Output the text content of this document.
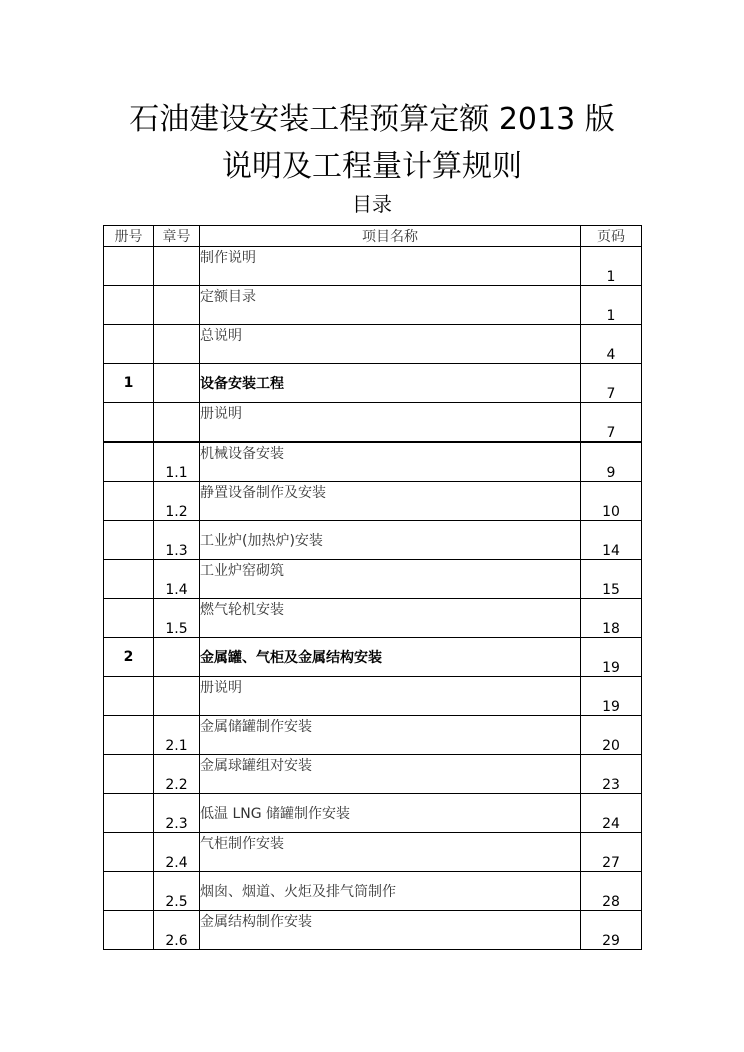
石油建设安装工程预算定额 2013 版
说明及工程量计算规则
目录
册号	章号	项目名称	页码
		制作说明	1
		定额目录	1
		总说明	4
1		设备安装工程	7
		册说明	7
	1.1	机械设备安装	9
	1.2	静置设备制作及安装	10
	1.3	工业炉(加热炉)安装	14
	1.4	工业炉窑砌筑	15
	1.5	燃气轮机安装	18
2		金属罐、气柜及金属结构安装	19
		册说明	19
	2.1	金属储罐制作安装	20
	2.2	金属球罐组对安装	23
	2.3	低温 LNG 储罐制作安装	24
	2.4	气柜制作安装	27
	2.5	烟囱、烟道、火炬及排气筒制作	28
	2.6	金属结构制作安装	29
